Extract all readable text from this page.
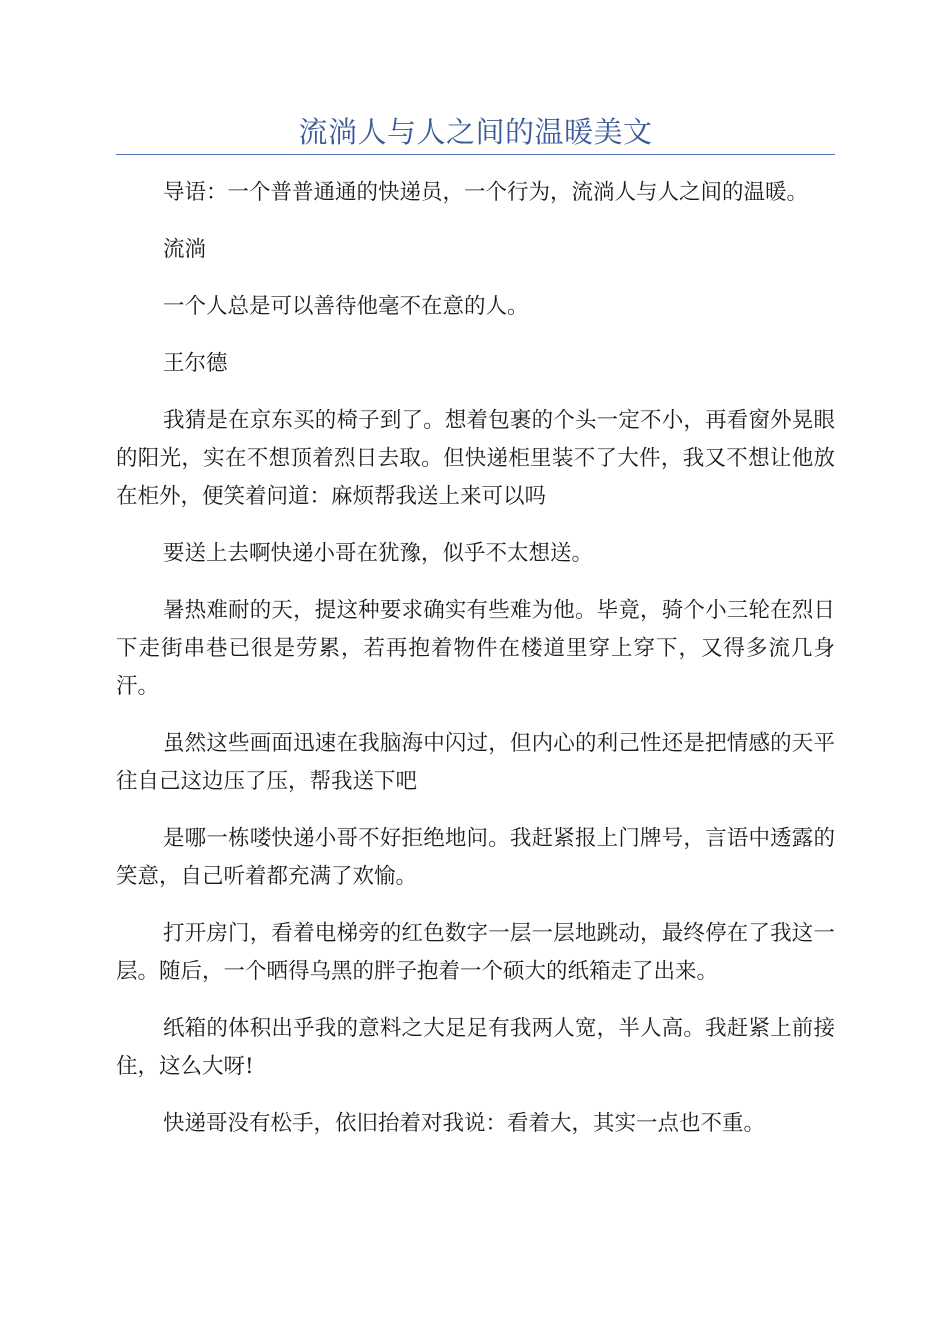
流淌人与人之间的温暖美文

导语：一个普普通通的快递员，一个行为，流淌人与人之间的温暖。

流淌

一个人总是可以善待他毫不在意的人。

王尔德

我猜是在京东买的椅子到了。想着包裹的个头一定不小，再看窗外晃眼的阳光，实在不想顶着烈日去取。但快递柜里装不了大件，我又不想让他放在柜外，便笑着问道：麻烦帮我送上来可以吗

要送上去啊快递小哥在犹豫，似乎不太想送。

暑热难耐的天，提这种要求确实有些难为他。毕竟，骑个小三轮在烈日下走街串巷已很是劳累，若再抱着物件在楼道里穿上穿下，又得多流几身汗。

虽然这些画面迅速在我脑海中闪过，但内心的利己性还是把情感的天平往自己这边压了压，帮我送下吧

是哪一栋喽快递小哥不好拒绝地问。我赶紧报上门牌号，言语中透露的笑意，自己听着都充满了欢愉。

打开房门，看着电梯旁的红色数字一层一层地跳动，最终停在了我这一层。随后，一个晒得乌黑的胖子抱着一个硕大的纸箱走了出来。

纸箱的体积出乎我的意料之大足足有我两人宽，半人高。我赶紧上前接住，这么大呀!

快递哥没有松手，依旧抬着对我说：看着大，其实一点也不重。
